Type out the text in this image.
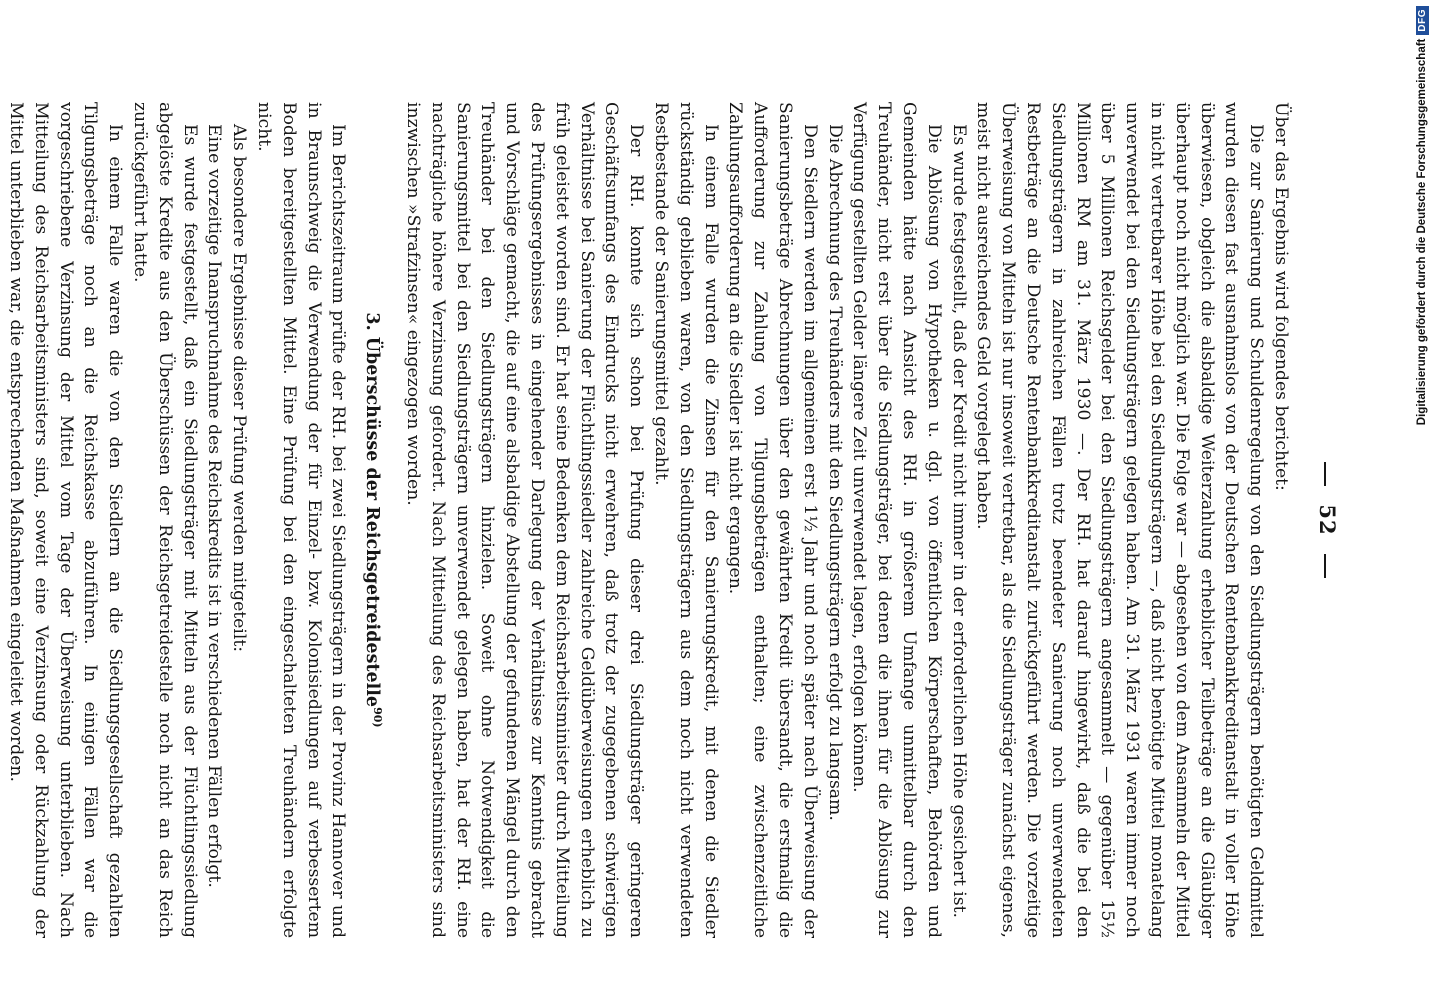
52

Über das Ergebnis wird folgendes berichtet:

Die zur Sanierung und Schuldenregelung von den Siedlungsträgern benötigten Geldmittel wurden diesen fast ausnahmslos von der Deutschen Rentenbankkreditanstalt in voller Höhe überwiesen, obgleich die alsbaldige Weiterzahlung erheblicher Teilbeträge an die Gläubiger überhaupt noch nicht möglich war. Die Folge war — abgesehen von dem Ansammeln der Mittel in nicht vertretbarer Höhe bei den Siedlungsträgern —, daß nicht benötigte Mittel monatelang unverwendet bei den Siedlungsträgern gelegen haben. Am 31. März 1931 waren immer noch über 5 Millionen Reichsgelder bei den Siedlungsträgern angesammelt — gegenüber 15½ Millionen RM am 31. März 1930 —. Der RH. hat darauf hingewirkt, daß die bei den Siedlungsträgern in zahlreichen Fällen trotz beendeter Sanierung noch unverwendeten Restbeträge an die Deutsche Rentenbankkreditanstalt zurückgeführt werden. Die vorzeitige Überweisung von Mitteln ist nur insoweit vertretbar, als die Siedlungsträger zunächst eigenes, meist nicht ausreichendes Geld vorgelegt haben.

Es wurde festgestellt, daß der Kredit nicht immer in der erforderlichen Höhe gesichert ist.

Die Ablösung von Hypotheken u. dgl. von öffentlichen Körperschaften, Behörden und Gemeinden hätte nach Ansicht des RH. in größerem Umfange unmittelbar durch den Treuhänder, nicht erst über die Siedlungsträger, bei denen die ihnen für die Ablösung zur Verfügung gestellten Gelder längere Zeit unverwendet lagen, erfolgen können.

Die Abrechnung des Treuhänders mit den Siedlungsträgern erfolgt zu langsam.

Den Siedlern werden im allgemeinen erst 1½ Jahr und noch später nach Überweisung der Sanierungsbeträge Abrechnungen über den gewährten Kredit übersandt, die erstmalig die Aufforderung zur Zahlung von Tilgungsbeträgen enthalten; eine zwischenzeitliche Zahlungsaufforderung an die Siedler ist nicht ergangen.

In einem Falle wurden die Zinsen für den Sanierungskredit, mit denen die Siedler rückständig geblieben waren, von den Siedlungsträgern aus dem noch nicht verwendeten Restbestande der Sanierungsmittel gezahlt.

Der RH. konnte sich schon bei Prüfung dieser drei Siedlungsträger geringeren Geschäftsumfangs des Eindrucks nicht erwehren, daß trotz der zugegebenen schwierigen Verhältnisse bei Sanierung der Flüchtlingssiedler zahlreiche Geldüberweisungen erheblich zu früh geleistet worden sind. Er hat seine Bedenken dem Reichsarbeitsminister durch Mitteilung des Prüfungsergebnisses in eingehender Darlegung der Verhältnisse zur Kenntnis gebracht und Vorschläge gemacht, die auf eine alsbaldige Abstellung der gefundenen Mängel durch den Treuhänder bei den Siedlungsträgern hinzielen. Soweit ohne Notwendigkeit die Sanierungsmittel bei den Siedlungsträgern unverwendet gelegen haben, hat der RH. eine nachträgliche höhere Verzinsung gefordert. Nach Mitteilung des Reichsarbeitsministers sind inzwischen »Strafzinsen« eingezogen worden.

3. Überschüsse der Reichsgetreidestelle$^{90)}$

Im Berichtszeitraum prüfte der RH. bei zwei Siedlungsträgern in der Provinz Hannover und in Braunschweig die Verwendung der für Einzel- bzw. Kolonisiedlungen auf verbessertem Boden bereitgestellten Mittel. Eine Prüfung bei den eingeschalteten Treuhändern erfolgte nicht.

Als besondere Ergebnisse dieser Prüfung werden mitgeteilt:

Eine vorzeitige Inanspruchnahme des Reichskredits ist in verschiedenen Fällen erfolgt.

Es wurde festgestellt, daß ein Siedlungsträger mit Mitteln aus der Flüchtlingssiedlung abgelöste Kredite aus den Überschüssen der Reichsgetreidestelle noch nicht an das Reich zurückgeführt hatte.

In einem Falle waren die von den Siedlern an die Siedlungsgesellschaft gezahlten Tilgungsbeträge noch an die Reichskasse abzuführen. In einigen Fällen war die vorgeschriebene Verzinsung der Mittel vom Tage der Überweisung unterblieben. Nach Mitteilung des Reichsarbeitsministers sind, soweit eine Verzinsung oder Rückzahlung der Mittel unterblieben war, die entsprechenden Maßnahmen eingeleitet worden.	Digitalisierung gefördert durch die Deutsche Forschungsgemeinschaft
DFG
